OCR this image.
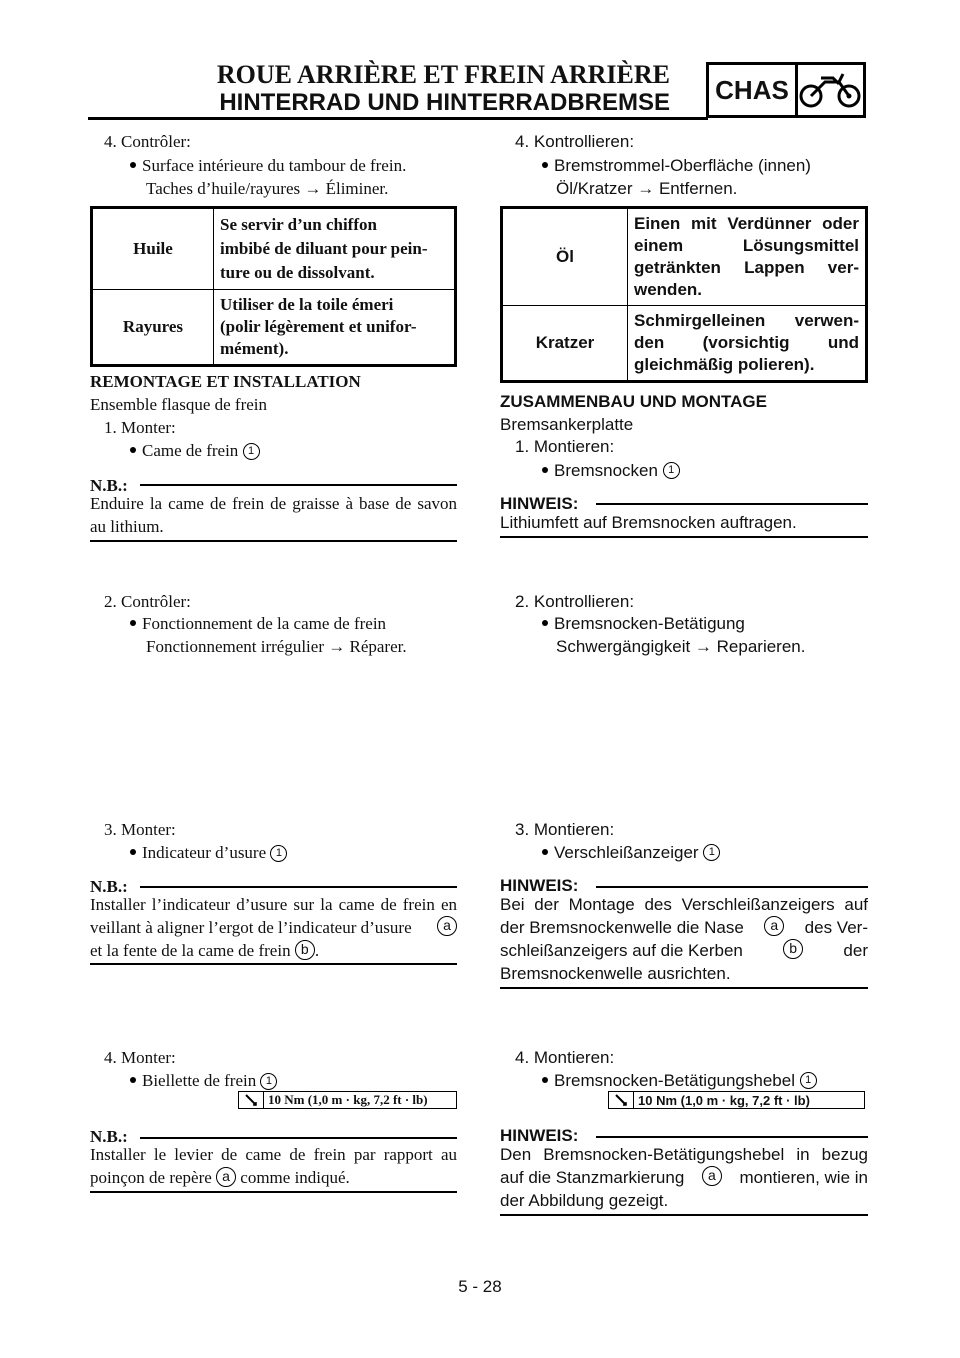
ROUE ARRIÈRE ET FREIN ARRIÈRE
HINTERRAD UND HINTERRADBREMSE CHAS
4. Contrôler:
Surface intérieure du tambour de frein.
Taches d’huile/rayures → Éliminer.
Huile	Se servir d’un chiffon
imbibé de diluant pour pein-
ture ou de dissolvant.

Rayures	Utiliser de la toile émeri
(polir légèrement et unifor-
mément).
REMONTAGE ET INSTALLATION
Ensemble flasque de frein
1. Monter:
Came de frein 1
N.B.:
Enduire la came de frein de graisse à base de savon
au lithium.
2. Contrôler:
Fonctionnement de la came de frein
Fonctionnement irrégulier → Réparer.
3. Monter:
Indicateur d’usure 1
N.B.:
Installer l’indicateur d’usure sur la came de frein en
veillant à aligner l’ergot de l’indicateur d’usure	a
et la fente de la came de frein b .
4. Monter:
Biellette de frein 1
10 Nm (1,0 m · kg, 7,2 ft · lb)
N.B.:
Installer le levier de came de frein par rapport au
poinçon de repère a comme indiqué.
4. Kontrollieren:
Bremstrommel-Oberfläche (innen)
Öl/Kratzer → Entfernen.
Öl	Einen mit Verdünner oder
einem Lösungsmittel
getränkten Lappen ver-
wenden.

Kratzer	Schmirgelleinen verwen-
den (vorsichtig und
gleichmäßig polieren).
ZUSAMMENBAU UND MONTAGE
Bremsankerplatte
1. Montieren:
Bremsnocken 1
HINWEIS:
Lithiumfett auf Bremsnocken auftragen.
2. Kontrollieren:
Bremsnocken-Betätigung
Schwergängigkeit → Reparieren.
3. Montieren:
Verschleißanzeiger 1
HINWEIS:
Bei der Montage des Verschleißanzeigers auf
der Bremsnockenwelle die Nase	a	des Ver-
schleißanzeigers auf die Kerben	b	der
Bremsnockenwelle ausrichten.
4. Montieren:
Bremsnocken-Betätigungshebel 1
10 Nm (1,0 m · kg, 7,2 ft · lb)
HINWEIS:
Den Bremsnocken-Betätigungshebel in bezug
auf die Stanzmarkierung	a	montieren, wie in
der Abbildung gezeigt.
5 - 28
